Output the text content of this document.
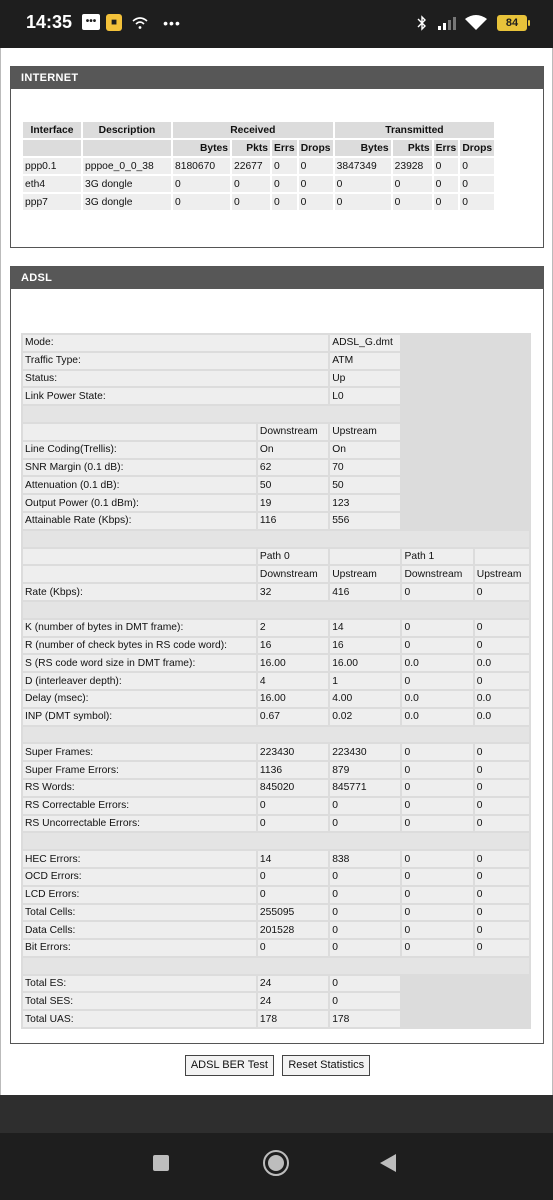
14:35	•••	■	•••	84
INTERNET
Interface	Description	Received				Transmitted			
		Bytes	Pkts	Errs	Drops	Bytes	Pkts	Errs	Drops
ppp0.1	pppoe_0_0_38	8180670	22677	0	0	3847349	23928	0	0
eth4	3G dongle	0	0	0	0	0	0	0	0
ppp7	3G dongle	0	0	0	0	0	0	0	0
ADSL
Mode:		ADSL_G.dmt		
Traffic Type:		ATM		
Status:		Up		
Link Power State:		L0		

	Downstream	Upstream		
Line Coding(Trellis):	On	On		
SNR Margin (0.1 dB):	62	70		
Attenuation (0.1 dB):	50	50		
Output Power (0.1 dBm):	19	123		
Attainable Rate (Kbps):	116	556		

	Path 0		Path 1	
	Downstream	Upstream	Downstream	Upstream
Rate (Kbps):	32	416	0	0

K (number of bytes in DMT frame):	2	14	0	0
R (number of check bytes in RS code word):	16	16	0	0
S (RS code word size in DMT frame):	16.00	16.00	0.0	0.0
D (interleaver depth):	4	1	0	0
Delay (msec):	16.00	4.00	0.0	0.0
INP (DMT symbol):	0.67	0.02	0.0	0.0

Super Frames:	223430	223430	0	0
Super Frame Errors:	1136	879	0	0
RS Words:	845020	845771	0	0
RS Correctable Errors:	0	0	0	0
RS Uncorrectable Errors:	0	0	0	0

HEC Errors:	14	838	0	0
OCD Errors:	0	0	0	0
LCD Errors:	0	0	0	0
Total Cells:	255095	0	0	0
Data Cells:	201528	0	0	0
Bit Errors:	0	0	0	0

Total ES:	24	0		
Total SES:	24	0		
Total UAS:	178	178		
ADSL BER Test Reset Statistics
